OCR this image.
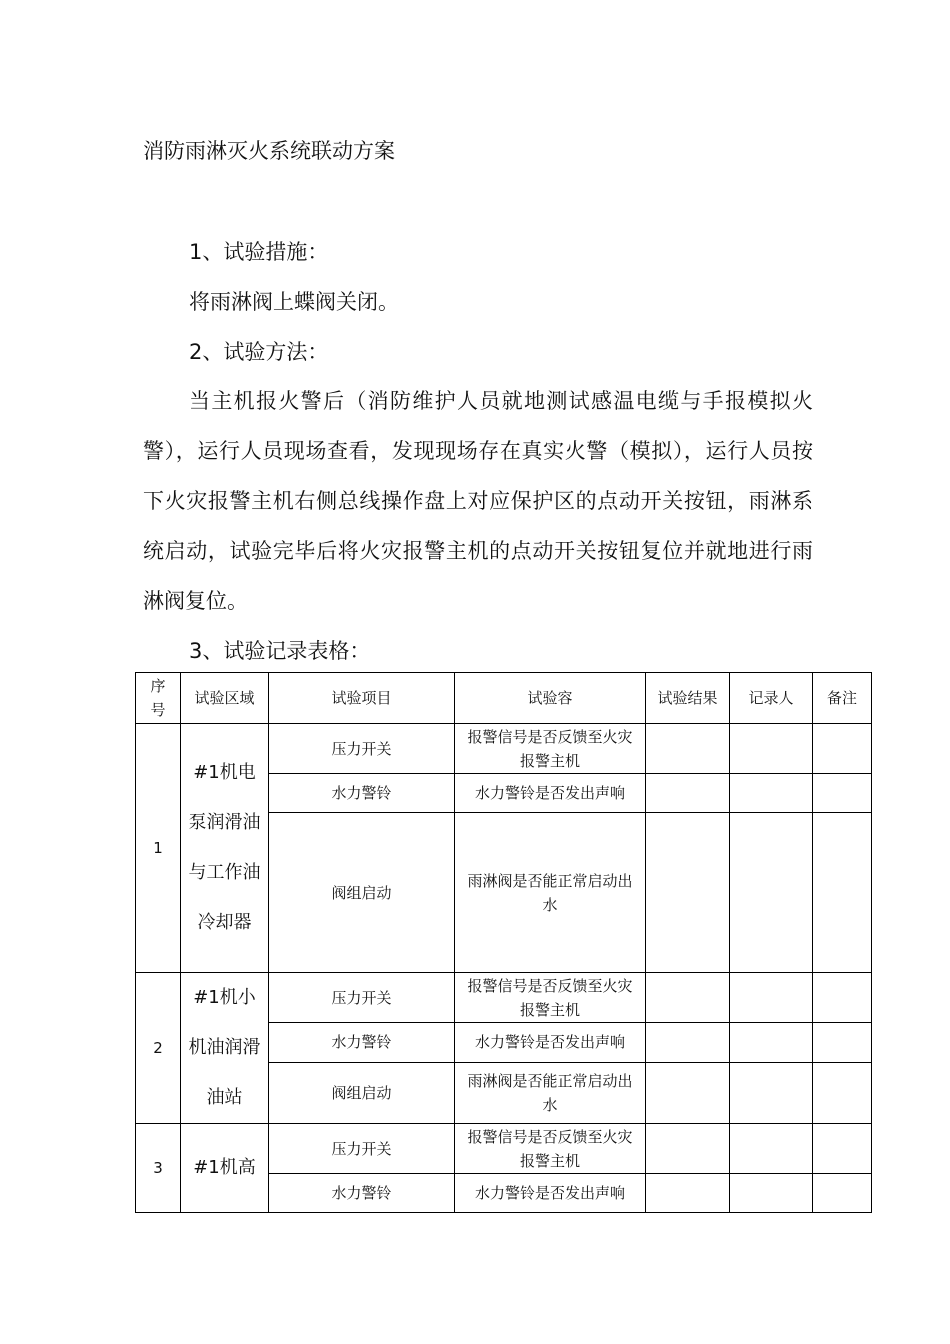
消防雨淋灭火系统联动方案
1、试验措施：
将雨淋阀上蝶阀关闭。
2、试验方法：
当主机报火警后（消防维护人员就地测试感温电缆与手报模拟火警），运行人员现场查看，发现现场存在真实火警（模拟），运行人员按下火灾报警主机右侧总线操作盘上对应保护区的点动开关按钮，雨淋系统启动，试验完毕后将火灾报警主机的点动开关按钮复位并就地进行雨淋阀复位。
3、试验记录表格：
序号	试验区域	试验项目	试验容	试验结果	记录人	备注
1	#1机电泵润滑油与工作油冷却器	压力开关	报警信号是否反馈至火灾报警主机			
		水力警铃	水力警铃是否发出声响			
		阀组启动	雨淋阀是否能正常启动出水			
2	#1机小机油润滑油站	压力开关	报警信号是否反馈至火灾报警主机			
		水力警铃	水力警铃是否发出声响			
		阀组启动	雨淋阀是否能正常启动出水			
3	#1机高	压力开关	报警信号是否反馈至火灾报警主机			
		水力警铃	水力警铃是否发出声响			
